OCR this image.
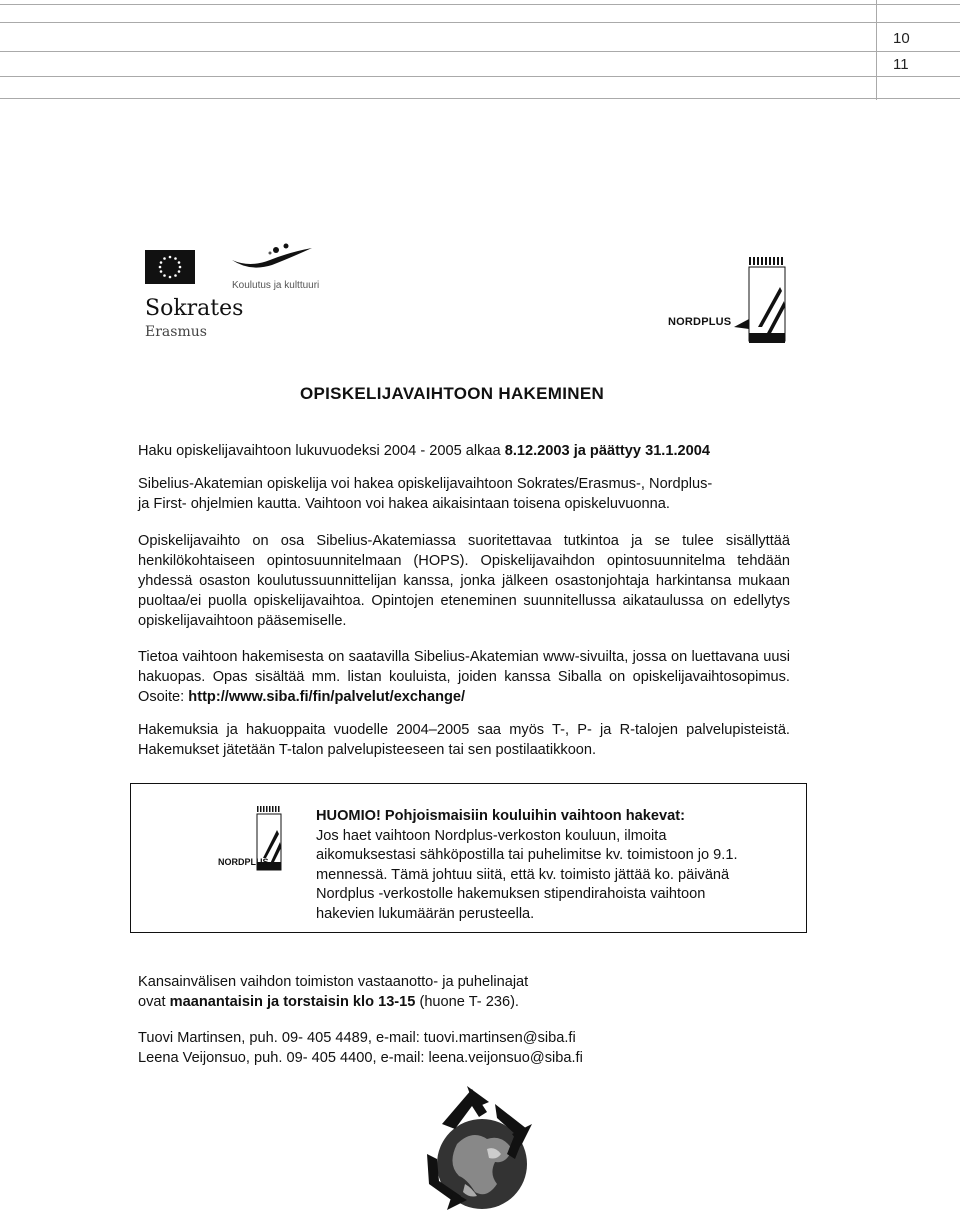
10
11
Koulutus ja kulttuuri
Sokrates
Erasmus
NORDPLUS
OPISKELIJAVAIHTOON HAKEMINEN

Haku opiskelijavaihtoon lukuvuodeksi 2004 - 2005 alkaa 8.12.2003 ja päättyy 31.1.2004

Sibelius-Akatemian opiskelija voi hakea opiskelijavaihtoon Sokrates/Erasmus-, Nordplus-
ja First- ohjelmien kautta. Vaihtoon voi hakea aikaisintaan toisena opiskeluvuonna.

Opiskelijavaihto on osa Sibelius-Akatemiassa suoritettavaa tutkintoa ja se tulee sisällyttää henkilökohtaiseen opintosuunnitelmaan (HOPS). Opiskelijavaihdon opintosuunnitelma tehdään yhdessä osaston koulutussuunnittelijan kanssa, jonka jälkeen osastonjohtaja harkintansa mukaan puoltaa/ei puolla opiskelijavaihtoa. Opintojen eteneminen suunnitellussa aikataulussa on edellytys opiskelijavaihtoon pääsemiselle.

Tietoa vaihtoon hakemisesta on saatavilla Sibelius-Akatemian www-sivuilta, jossa on luettavana uusi hakuopas. Opas sisältää mm. listan kouluista, joiden kanssa Siballa on opiskelijavaihtosopimus. Osoite: http://www.siba.fi/fin/palvelut/exchange/

Hakemuksia ja hakuoppaita vuodelle 2004–2005 saa myös T-, P- ja R-talojen palvelupisteistä. Hakemukset jätetään T-talon palvelupisteeseen tai sen postilaatikkoon.

NORDPLUS

HUOMIO! Pohjoismaisiin kouluihin vaihtoon hakevat:
Jos haet vaihtoon Nordplus-verkoston kouluun, ilmoita
aikomuksestasi sähköpostilla tai puhelimitse kv. toimistoon jo 9.1.
mennessä. Tämä johtuu siitä, että kv. toimisto jättää ko. päivänä
Nordplus -verkostolle hakemuksen stipendirahoista vaihtoon
hakevien lukumäärän perusteella.

Kansainvälisen vaihdon toimiston vastaanotto- ja puhelinajat
ovat maanantaisin ja torstaisin klo 13-15 (huone T- 236).

Tuovi Martinsen, puh. 09- 405 4489, e-mail: tuovi.martinsen@siba.fi
Leena Veijonsuo, puh. 09- 405 4400, e-mail: leena.veijonsuo@siba.fi
